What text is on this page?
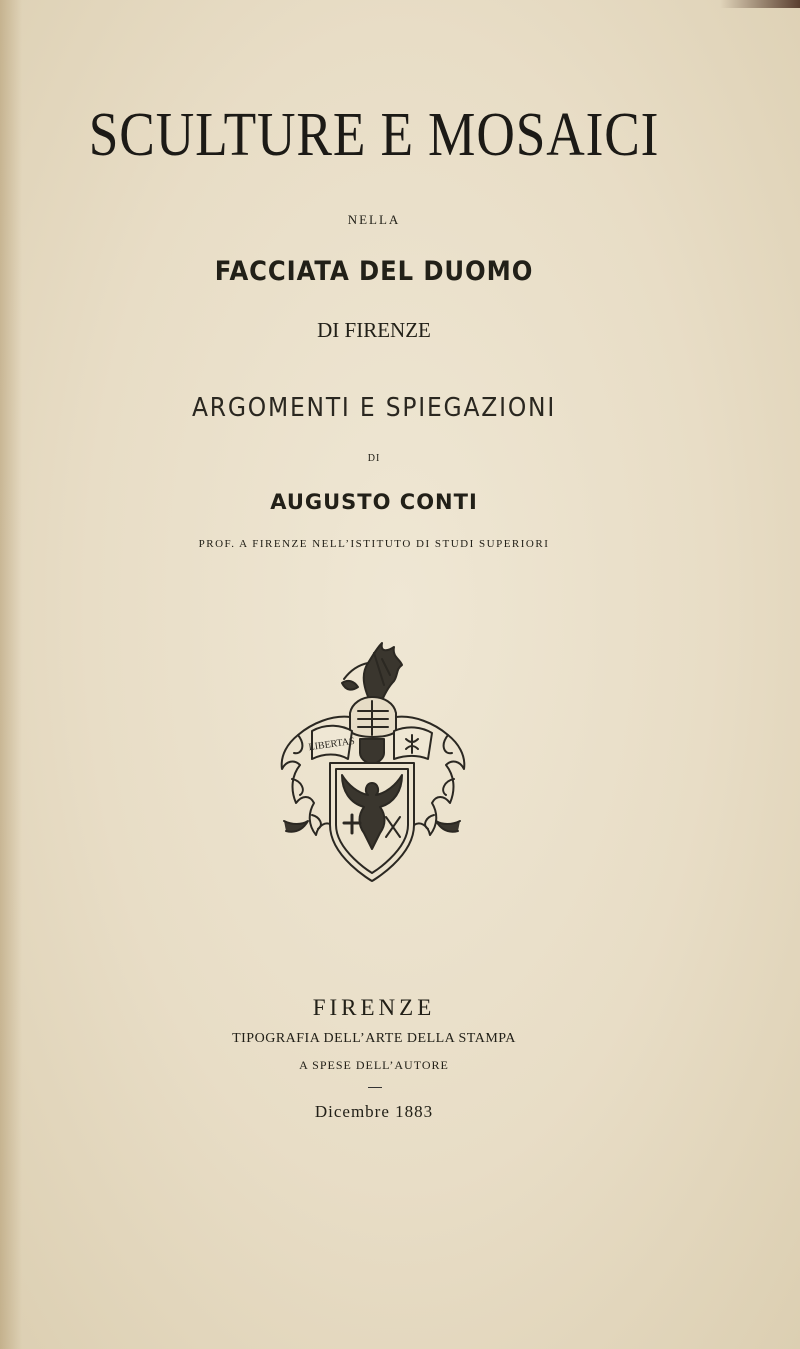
SCULTURE E MOSAICI
NELLA
FACCIATA DEL DUOMO
DI FIRENZE
ARGOMENTI E SPIEGAZIONI
DI
AUGUSTO CONTI
PROF. A FIRENZE NELL’ISTITUTO DI STUDI SUPERIORI
LIBERTAS
FIRENZE
TIPOGRAFIA DELL’ARTE DELLA STAMPA
A SPESE DELL’AUTORE
Dicembre 1883
